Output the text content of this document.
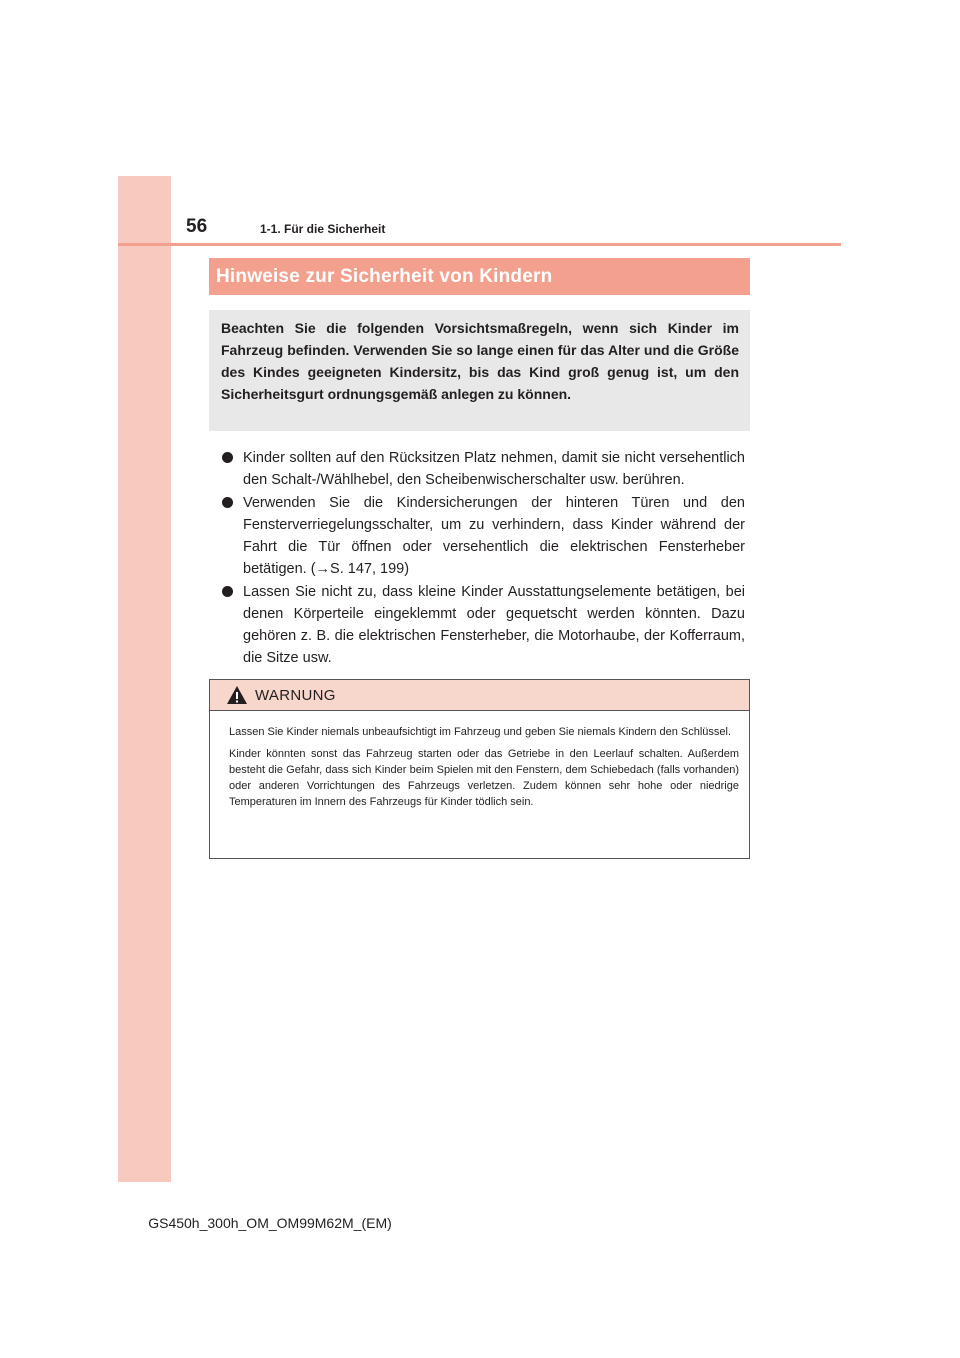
56	1-1. Für die Sicherheit
Hinweise zur Sicherheit von Kindern

Beachten Sie die folgenden Vorsichtsmaßregeln, wenn sich Kinder im Fahrzeug befinden. Verwenden Sie so lange einen für das Alter und die Größe des Kindes geeigneten Kindersitz, bis das Kind groß genug ist, um den Sicherheitsgurt ordnungsgemäß anlegen zu können.

Kinder sollten auf den Rücksitzen Platz nehmen, damit sie nicht versehentlich den Schalt-/Wählhebel, den Scheibenwischerschalter usw. berühren.
Verwenden Sie die Kindersicherungen der hinteren Türen und den Fensterverriegelungsschalter, um zu verhindern, dass Kinder während der Fahrt die Tür öffnen oder versehentlich die elektrischen Fensterheber betätigen. (→S. 147, 199)
Lassen Sie nicht zu, dass kleine Kinder Ausstattungselemente betätigen, bei denen Körperteile eingeklemmt oder gequetscht werden könnten. Dazu gehören z. B. die elektrischen Fensterheber, die Motorhaube, der Kofferraum, die Sitze usw.
WARNUNG

Lassen Sie Kinder niemals unbeaufsichtigt im Fahrzeug und geben Sie niemals Kindern den Schlüssel.

Kinder könnten sonst das Fahrzeug starten oder das Getriebe in den Leerlauf schalten. Außerdem besteht die Gefahr, dass sich Kinder beim Spielen mit den Fenstern, dem Schiebedach (falls vorhanden) oder anderen Vorrichtungen des Fahrzeugs verletzen. Zudem können sehr hohe oder niedrige Temperaturen im Innern des Fahrzeugs für Kinder tödlich sein.

GS450h_300h_OM_OM99M62M_(EM)
